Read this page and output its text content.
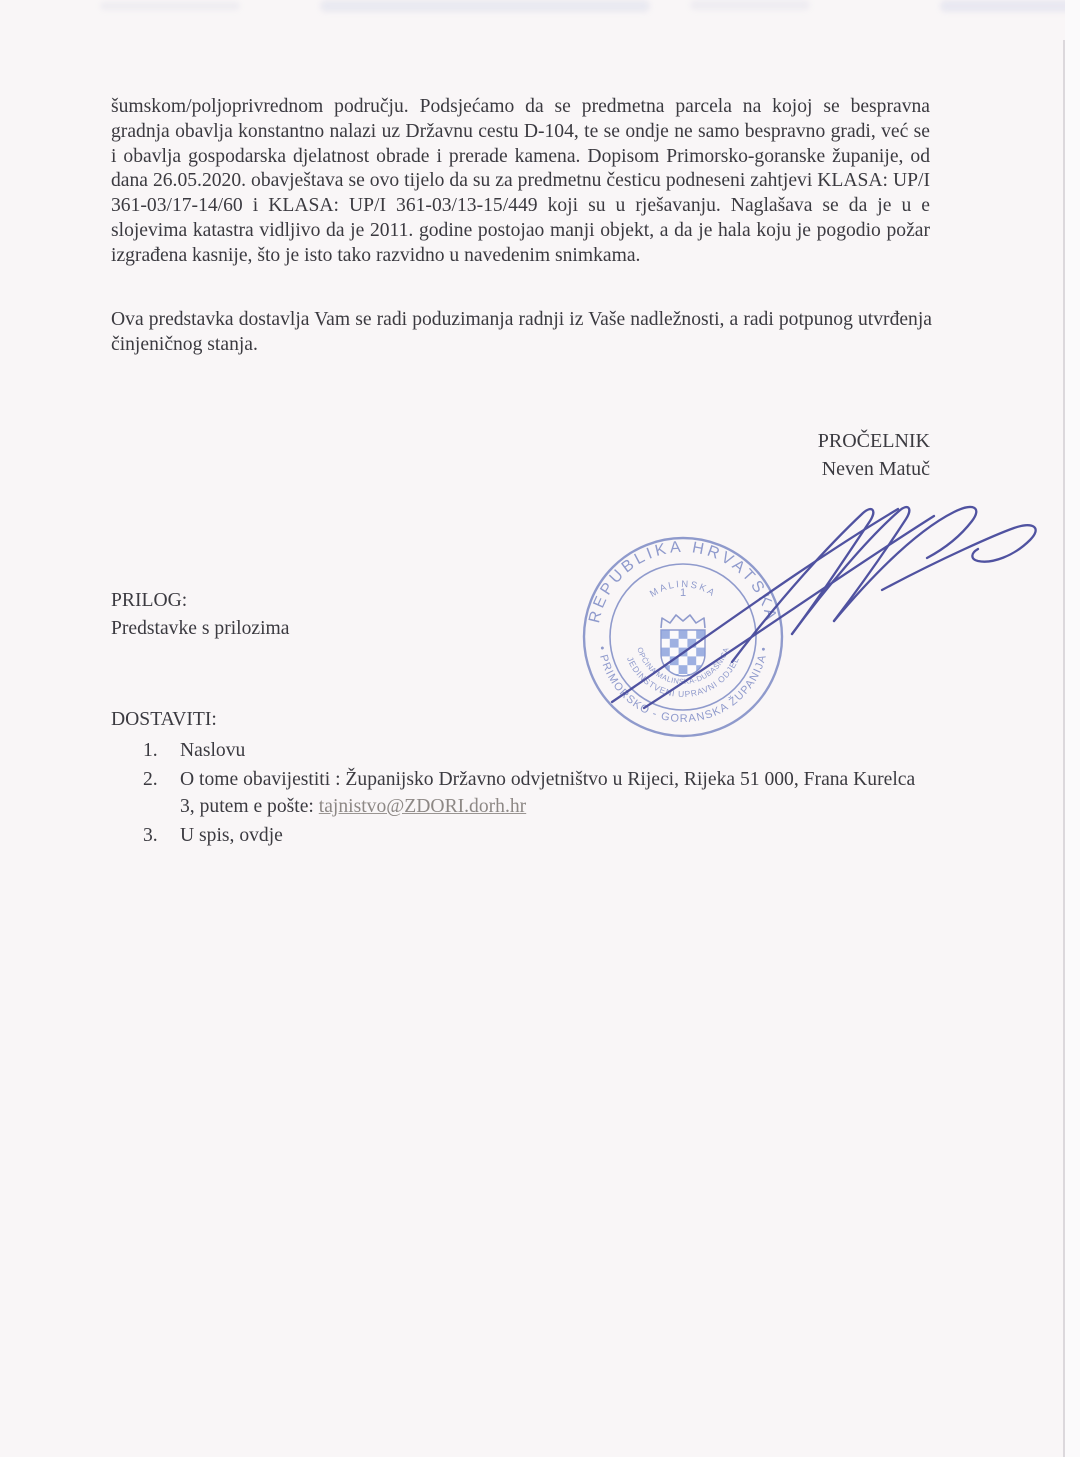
šumskom/poljoprivrednom području. Podsjećamo da se predmetna parcela na kojoj se bespravna gradnja obavlja konstantno nalazi uz Državnu cestu D-104, te se ondje ne samo bespravno gradi, već se i obavlja gospodarska djelatnost obrade i prerade kamena. Dopisom Primorsko-goranske županije, od dana 26.05.2020. obavještava se ovo tijelo da su za predmetnu česticu podneseni zahtjevi KLASA: UP/I 361-03/17-14/60 i KLASA: UP/I 361-03/13-15/449 koji su u rješavanju. Naglašava se da je u e slojevima katastra vidljivo da je 2011. godine postojao manji objekt, a da je hala koju je pogodio požar izgrađena kasnije, što je isto tako razvidno u navedenim snimkama.
Ova predstavka dostavlja Vam se radi poduzimanja radnji iz Vaše nadležnosti, a radi potpunog utvrđenja činjeničnog stanja.
PROČELNIK
Neven Matuč
REPUBLIKA HRVATSKA
• PRIMORSKO - GORANSKA ŽUPANIJA •
MALINSKA
1
JEDINSTVENI UPRAVNI ODJEL
OPĆINA MALINSKA-DUBAŠNICA
PRILOG:
Predstavke s prilozima
DOSTAVITI:
1.	Naslovu
2.	O tome obavijestiti : Županijsko Državno odvjetništvo u Rijeci, Rijeka 51 000, Frana Kurelca 3, putem e pošte: tajnistvo@ZDORI.dorh.hr
3.	U spis, ovdje
